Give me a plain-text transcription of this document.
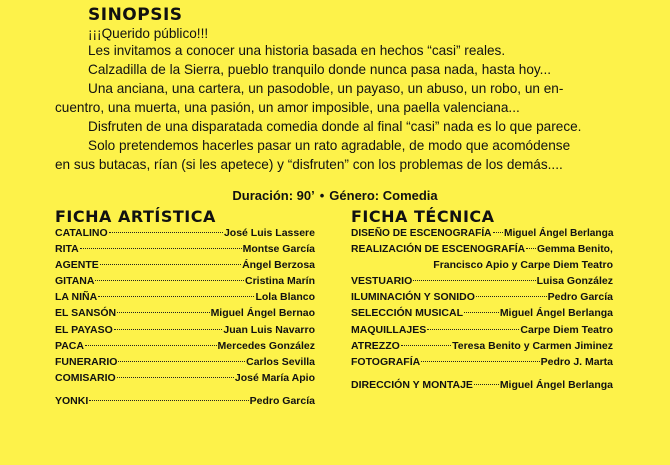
SINOPSIS
¡¡¡Querido público!!!
Les invitamos a conocer una historia basada en hechos “casi” reales.
Calzadilla de la Sierra, pueblo tranquilo donde nunca pasa nada, hasta hoy...
Una anciana, una cartera, un pasodoble, un payaso, un abuso, un robo, un en-
cuentro, una muerta, una pasión, un amor imposible, una paella valenciana...
Disfruten de una disparatada comedia donde al final “casi” nada es lo que parece.
Solo pretendemos hacerles pasar un rato agradable, de modo que acomódense
en sus butacas, rían (si les apetece) y “disfruten” con los problemas de los demás....
Duración: 90’ • Género: Comedia
FICHA ARTÍSTICA	FICHA TÉCNICA
CATALINO	José Luis Lassere
RITA	Montse García
AGENTE	Ángel Berzosa
GITANA	Cristina Marín
LA NIÑA	Lola Blanco
EL SANSÓN	Miguel Ángel Bernao
EL PAYASO	Juan Luis Navarro
PACA	Mercedes González
FUNERARIO	Carlos Sevilla
COMISARIO	José María Apio
YONKI	Pedro García
DISEÑO DE ESCENOGRAFÍA Miguel Ángel Berlanga
REALIZACIÓN DE ESCENOGRAFÍA Gemma Benito,
Francisco Apio y Carpe Diem Teatro
VESTUARIO	Luisa González
ILUMINACIÓN Y SONIDO	Pedro García
SELECCIÓN MUSICAL	Miguel Ángel Berlanga
MAQUILLAJES	Carpe Diem Teatro
ATREZZO	Teresa Benito y Carmen Jiminez
FOTOGRAFÍA	Pedro J. Marta
DIRECCIÓN Y MONTAJE	Miguel Ángel Berlanga
